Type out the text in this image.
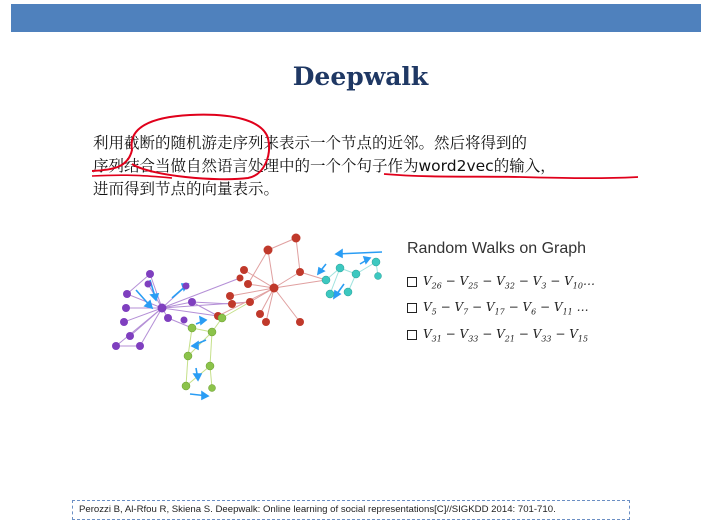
Deepwalk
利用截断的随机游走序列来表示一个节点的近邻。然后将得到的
序列结合当做自然语言处理中的一个个句子作为word2vec的输入，
进而得到节点的向量表示。
Random Walks on Graph
$V_{26} - V_{25} - V_{32} - V_3$ − $V_{10}\dots$
$V_5 - V_7 - V_{17} - V_6 - V_{11}$ …
$V_{31} - V_{33} - V_{21} - V_{33} - V_{15}$
Perozzi B, Al-Rfou R, Skiena S. Deepwalk: Online learning of social representations[C]//SIGKDD 2014: 701-710.
